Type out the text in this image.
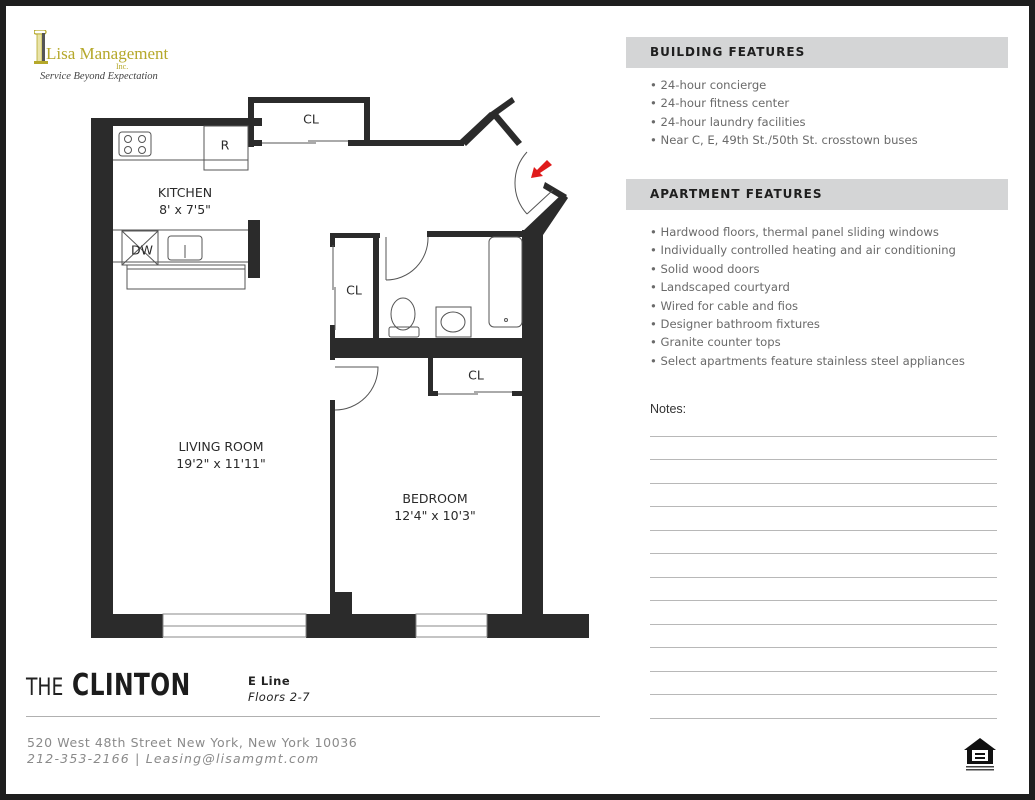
Lisa Management
Inc.
Service Beyond Expectation
KITCHEN
8' x 7'5"
LIVING ROOM
19'2" x 11'11"
BEDROOM
12'4" x 10'3"
CL
CL
CL
R
DW
BUILDING FEATURES
• 24-hour concierge
• 24-hour fitness center
• 24-hour laundry facilities
• Near C, E, 49th St./50th St. crosstown buses
APARTMENT FEATURES
• Hardwood floors, thermal panel sliding windows
• Individually controlled heating and air conditioning
• Solid wood doors
• Landscaped courtyard
• Wired for cable and fios
• Designer bathroom fixtures
• Granite counter tops
• Select apartments feature stainless steel appliances
Notes:
THE CLINTON	E Line
Floors 2-7
520 West 48th Street New York, New York 10036
212-353-2166 | Leasing@lisamgmt.com
